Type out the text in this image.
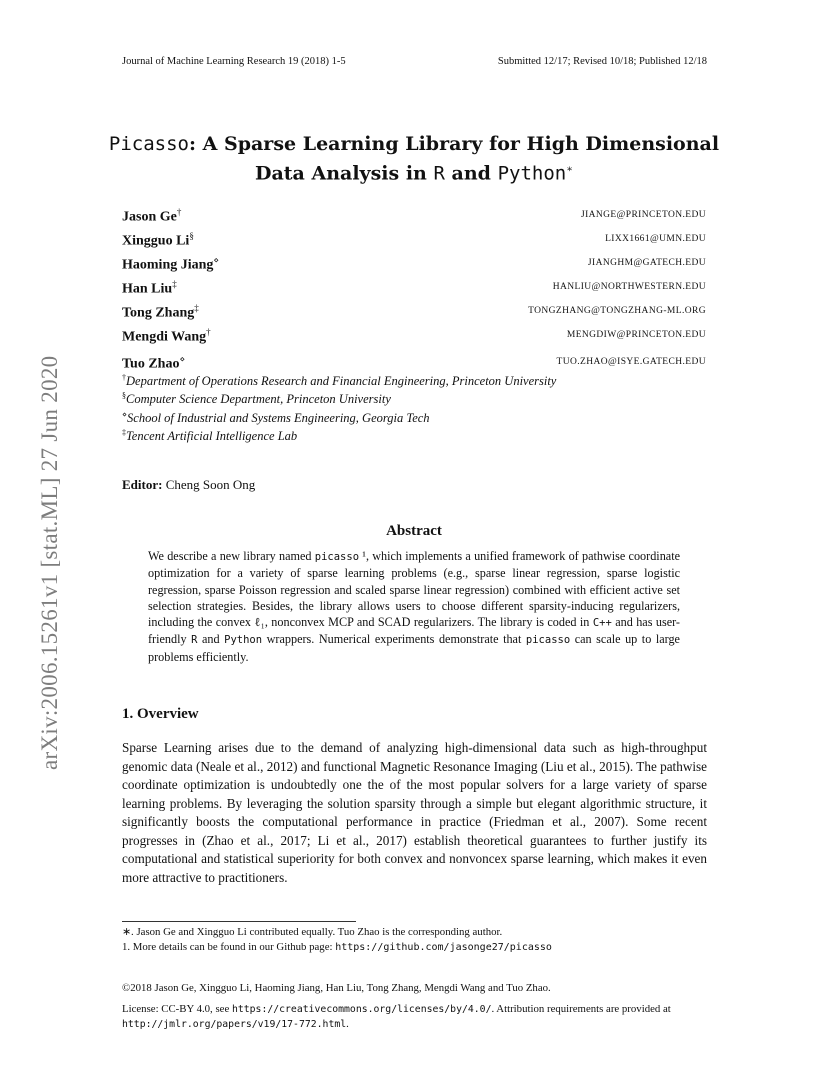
Journal of Machine Learning Research 19 (2018) 1-5	Submitted 12/17; Revised 10/18; Published 12/18
Picasso: A Sparse Learning Library for High Dimensional
Data Analysis in R and Python∗
Jason Ge†	JIANGE@PRINCETON.EDU
Xingguo Li§	LIXX1661@UMN.EDU
Haoming Jiang⋄	JIANGHM@GATECH.EDU
Han Liu‡	HANLIU@NORTHWESTERN.EDU
Tong Zhang‡	TONGZHANG@TONGZHANG-ML.ORG
Mengdi Wang†	MENGDIW@PRINCETON.EDU
Tuo Zhao⋄	TUO.ZHAO@ISYE.GATECH.EDU
†Department of Operations Research and Financial Engineering, Princeton University
§Computer Science Department, Princeton University
⋄School of Industrial and Systems Engineering, Georgia Tech
‡Tencent Artificial Intelligence Lab
Editor: Cheng Soon Ong
Abstract
We describe a new library named picasso ¹, which implements a unified framework of pathwise coordinate optimization for a variety of sparse learning problems (e.g., sparse linear regression, sparse logistic regression, sparse Poisson regression and scaled sparse linear regression) combined with efficient active set selection strategies. Besides, the library allows users to choose different sparsity-inducing regularizers, including the convex ℓ₁, nonconvex MCP and SCAD regularizers. The library is coded in C++ and has user-friendly R and Python wrappers. Numerical experiments demonstrate that picasso can scale up to large problems efficiently.
1. Overview
Sparse Learning arises due to the demand of analyzing high-dimensional data such as high-throughput genomic data (Neale et al., 2012) and functional Magnetic Resonance Imaging (Liu et al., 2015). The pathwise coordinate optimization is undoubtedly one the of the most popular solvers for a large variety of sparse learning problems. By leveraging the solution sparsity through a simple but elegant algorithmic structure, it significantly boosts the computational performance in practice (Friedman et al., 2007). Some recent progresses in (Zhao et al., 2017; Li et al., 2017) establish theoretical guarantees to further justify its computational and statistical superiority for both convex and nonvoncex sparse learning, which makes it even more attractive to practitioners.
∗. Jason Ge and Xingguo Li contributed equally. Tuo Zhao is the corresponding author.
1. More details can be found in our Github page: https://github.com/jasonge27/picasso
©2018 Jason Ge, Xingguo Li, Haoming Jiang, Han Liu, Tong Zhang, Mengdi Wang and Tuo Zhao.
License: CC-BY 4.0, see https://creativecommons.org/licenses/by/4.0/. Attribution requirements are provided at http://jmlr.org/papers/v19/17-772.html.
arXiv:2006.15261v1 [stat.ML] 27 Jun 2020
